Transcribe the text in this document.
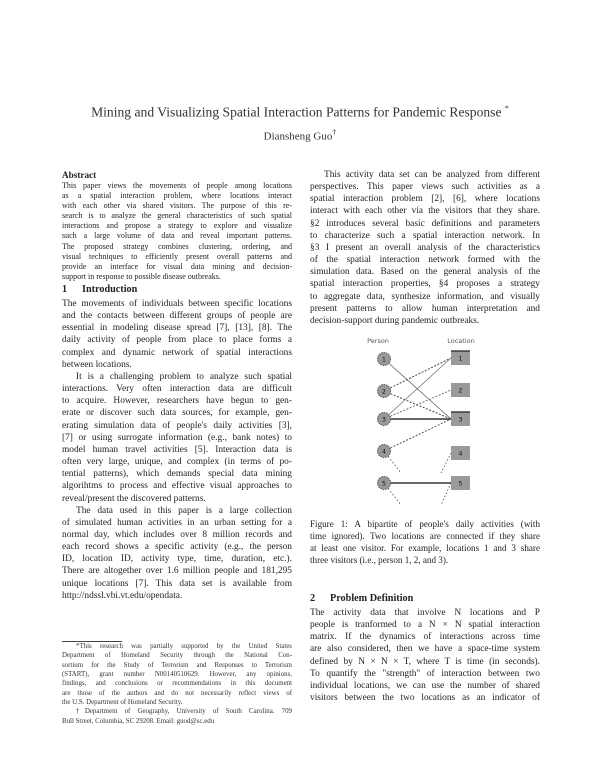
Mining and Visualizing Spatial Interaction Patterns for Pandemic Response *
Diansheng Guo†
Abstract
This paper views the movements of people among locations
as a spatial interaction problem, where locations interact
with each other via shared visitors. The purpose of this re-
search is to analyze the general characteristics of such spatial
interactions and propose a strategy to explore and visualize
such a large volume of data and reveal important patterns.
The proposed strategy combines clustering, ordering, and
visual techniques to efficiently present overall patterns and
provide an interface for visual data mining and decision-
support in response to possible disease outbreaks.
1 Introduction
The movements of individuals between specific locations
and the contacts between different groups of people are
essential in modeling disease spread [7], [13], [8]. The
daily activity of people from place to place forms a
complex and dynamic network of spatial interactions
between locations.
It is a challenging problem to analyze such spatial
interactions. Very often interaction data are difficult
to acquire. However, researchers have begun to gen-
erate or discover such data sources, for example, gen-
erating simulation data of people's daily activities [3],
[7] or using surrogate information (e.g., bank notes) to
model human travel activities [5]. Interaction data is
often very large, unique, and complex (in terms of po-
tential patterns), which demands special data mining
algorihtms to process and effective visual approaches to
reveal/present the discovered patterns.
The data used in this paper is a large collection
of simulated human activities in an urban setting for a
normal day, which includes over 8 million records and
each record shows a specific activity (e.g., the person
ID, location ID, activity type, time, duration, etc.).
There are altogether over 1.6 million people and 181,295
unique locations [7]. This data set is available from
http://ndssl.vbi.vt.edu/opendata.
*This research was partially supported by the United States
Department of Homeland Security through the National Con-
sortium for the Study of Terrorism and Responses to Terrorism
(START), grant number N00140510629. However, any opinions,
findings, and conclusions or recommendations in this document
are those of the authors and do not necessarily reflect views of
the U.S. Department of Homeland Security.
†Department of Geography, University of South Carolina. 709
Bull Street, Columbia, SC 29208. Email: guod@sc.edu
This activity data set can be analyzed from different
perspectives. This paper views such activities as a
spatial interaction problem [2], [6], where locations
interact with each other via the visitors that they share.
§2 introduces several basic definitions and parameters
to characterize such a spatial interaction network. In
§3 I present an overall analysis of the characteristics
of the spatial interaction network formed with the
simulation data. Based on the general analysis of the
spatial interaction properties, §4 proposes a strategy
to aggregate data, synthesize information, and visually
present patterns to allow human interpretation and
decision-support during pandemic outbreaks.
Person	Location
1
2
3
4
5
1
2
3
4
5
Figure 1: A bipartite of people's daily activities (with
time ignored). Two locations are connected if they share
at least one visitor. For example, locations 1 and 3 share
three visitors (i.e., person 1, 2, and 3).
2 Problem Definition
The activity data that involve N locations and P
people is tranformed to a N × N spatial interaction
matrix. If the dynamics of interactions across time
are also considered, then we have a space-time system
defined by N × N × T, where T is time (in seconds).
To quantify the "strength" of interaction between two
individual locations, we can use the number of shared
visitors between the two locations as an indicator of
